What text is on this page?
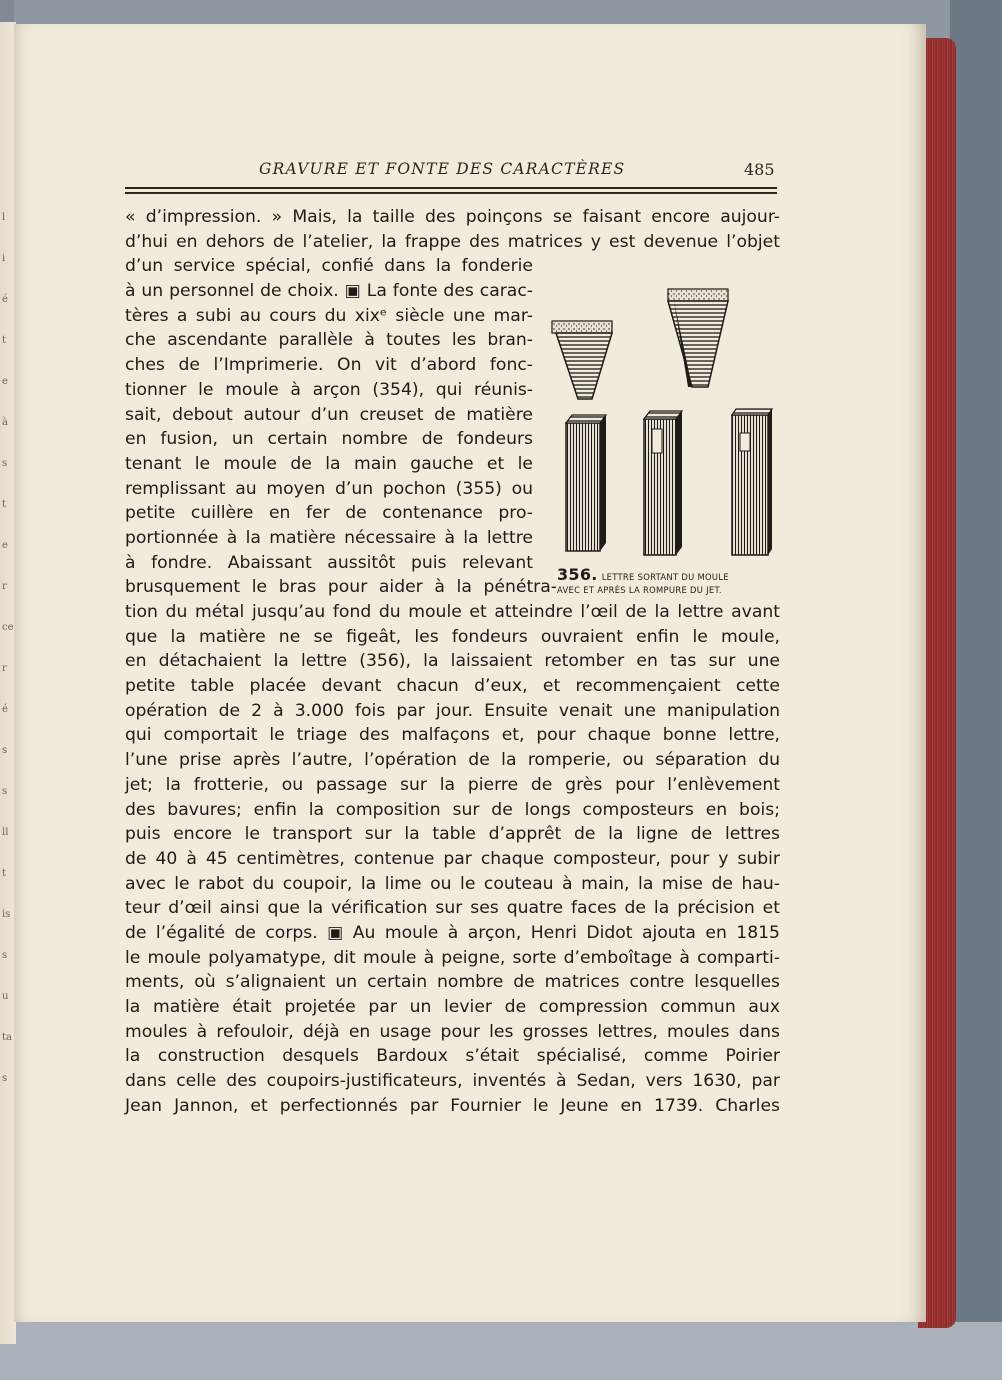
l
i
é
t
e
à
s
t
e
r
ce
r
é
s
s
ll
t
is
s
u
ta
s
GRAVURE ET FONTE DES CARACTÈRES	485
« d’impression. » Mais, la taille des poinçons se faisant encore aujour-
d’hui en dehors de l’atelier, la frappe des matrices y est devenue l’objet
d’un service spécial, confié dans la fonderie
à un personnel de choix. ▣ La fonte des carac-
tères a subi au cours du xixᵉ siècle une mar-
che ascendante parallèle à toutes les bran-
ches de l’Imprimerie. On vit d’abord fonc-
tionner le moule à arçon (354), qui réunis-
sait, debout autour d’un creuset de matière
en fusion, un certain nombre de fondeurs
tenant le moule de la main gauche et le
remplissant au moyen d’un pochon (355) ou
petite cuillère en fer de contenance pro-
portionnée à la matière nécessaire à la lettre
à fondre. Abaissant aussitôt puis relevant
brusquement le bras pour aider à la pénétra-
tion du métal jusqu’au fond du moule et atteindre l’œil de la lettre avant
que la matière ne se figeât, les fondeurs ouvraient enfin le moule,
en détachaient la lettre (356), la laissaient retomber en tas sur une
petite table placée devant chacun d’eux, et recommençaient cette
opération de 2 à 3.000 fois par jour. Ensuite venait une manipulation
qui comportait le triage des malfaçons et, pour chaque bonne lettre,
l’une prise après l’autre, l’opération de la romperie, ou séparation du
jet; la frotterie, ou passage sur la pierre de grès pour l’enlèvement
des bavures; enfin la composition sur de longs composteurs en bois;
puis encore le transport sur la table d’apprêt de la ligne de lettres
de 40 à 45 centimètres, contenue par chaque composteur, pour y subir
avec le rabot du coupoir, la lime ou le couteau à main, la mise de hau-
teur d’œil ainsi que la vérification sur ses quatre faces de la précision et
de l’égalité de corps. ▣ Au moule à arçon, Henri Didot ajouta en 1815
le moule polyamatype, dit moule à peigne, sorte d’emboîtage à comparti-
ments, où s’alignaient un certain nombre de matrices contre lesquelles
la matière était projetée par un levier de compression commun aux
moules à refouloir, déjà en usage pour les grosses lettres, moules dans
la construction desquels Bardoux s’était spécialisé, comme Poirier
dans celle des coupoirs-justificateurs, inventés à Sedan, vers 1630, par
Jean Jannon, et perfectionnés par Fournier le Jeune en 1739. Charles
356. LETTRE SORTANT DU MOULE
AVEC ET APRÈS LA ROMPURE DU JET.
